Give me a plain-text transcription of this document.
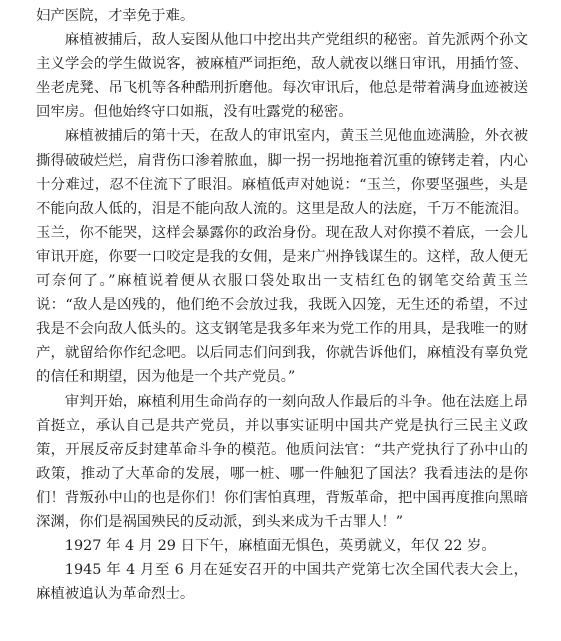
妇产医院，才幸免于难。

麻植被捕后，敌人妄图从他口中挖出共产党组织的秘密。首先派两个孙文主义学会的学生做说客，被麻植严词拒绝，敌人就夜以继日审讯，用插竹签、坐老虎凳、吊飞机等各种酷刑折磨他。每次审讯后，他总是带着满身血迹被送回牢房。但他始终守口如瓶，没有吐露党的秘密。

麻植被捕后的第十天，在敌人的审讯室内，黄玉兰见他血迹满脸，外衣被撕得破破烂烂，肩背伤口渗着脓血，脚一拐一拐地拖着沉重的镣铐走着，内心十分难过，忍不住流下了眼泪。麻植低声对她说：“玉兰，你要坚强些，头是不能向敌人低的，泪是不能向敌人流的。这里是敌人的法庭，千万不能流泪。玉兰，你不能哭，这样会暴露你的政治身份。现在敌人对你摸不着底，一会儿审讯开庭，你要一口咬定是我的女佣，是来广州挣钱谋生的。这样，敌人便无可奈何了。”麻植说着便从衣服口袋处取出一支桔红色的钢笔交给黄玉兰说：“敌人是凶残的，他们绝不会放过我，我既入囚笼，无生还的希望，不过我是不会向敌人低头的。这支钢笔是我多年来为党工作的用具，是我唯一的财产，就留给你作纪念吧。以后同志们问到我，你就告诉他们，麻植没有辜负党的信任和期望，因为他是一个共产党员。”

审判开始，麻植利用生命尚存的一刻向敌人作最后的斗争。他在法庭上昂首挺立，承认自己是共产党员，并以事实证明中国共产党是执行三民主义政策，开展反帝反封建革命斗争的模范。他质问法官：“共产党执行了孙中山的政策，推动了大革命的发展，哪一桩、哪一件触犯了国法？我看违法的是你们！背叛孙中山的也是你们！你们害怕真理，背叛革命，把中国再度推向黑暗深渊，你们是祸国殃民的反动派，到头来成为千古罪人！”

1927 年 4 月 29 日下午，麻植面无惧色，英勇就义，年仅 22 岁。

1945 年 4 月至 6 月在延安召开的中国共产党第七次全国代表大会上，麻植被追认为革命烈士。
